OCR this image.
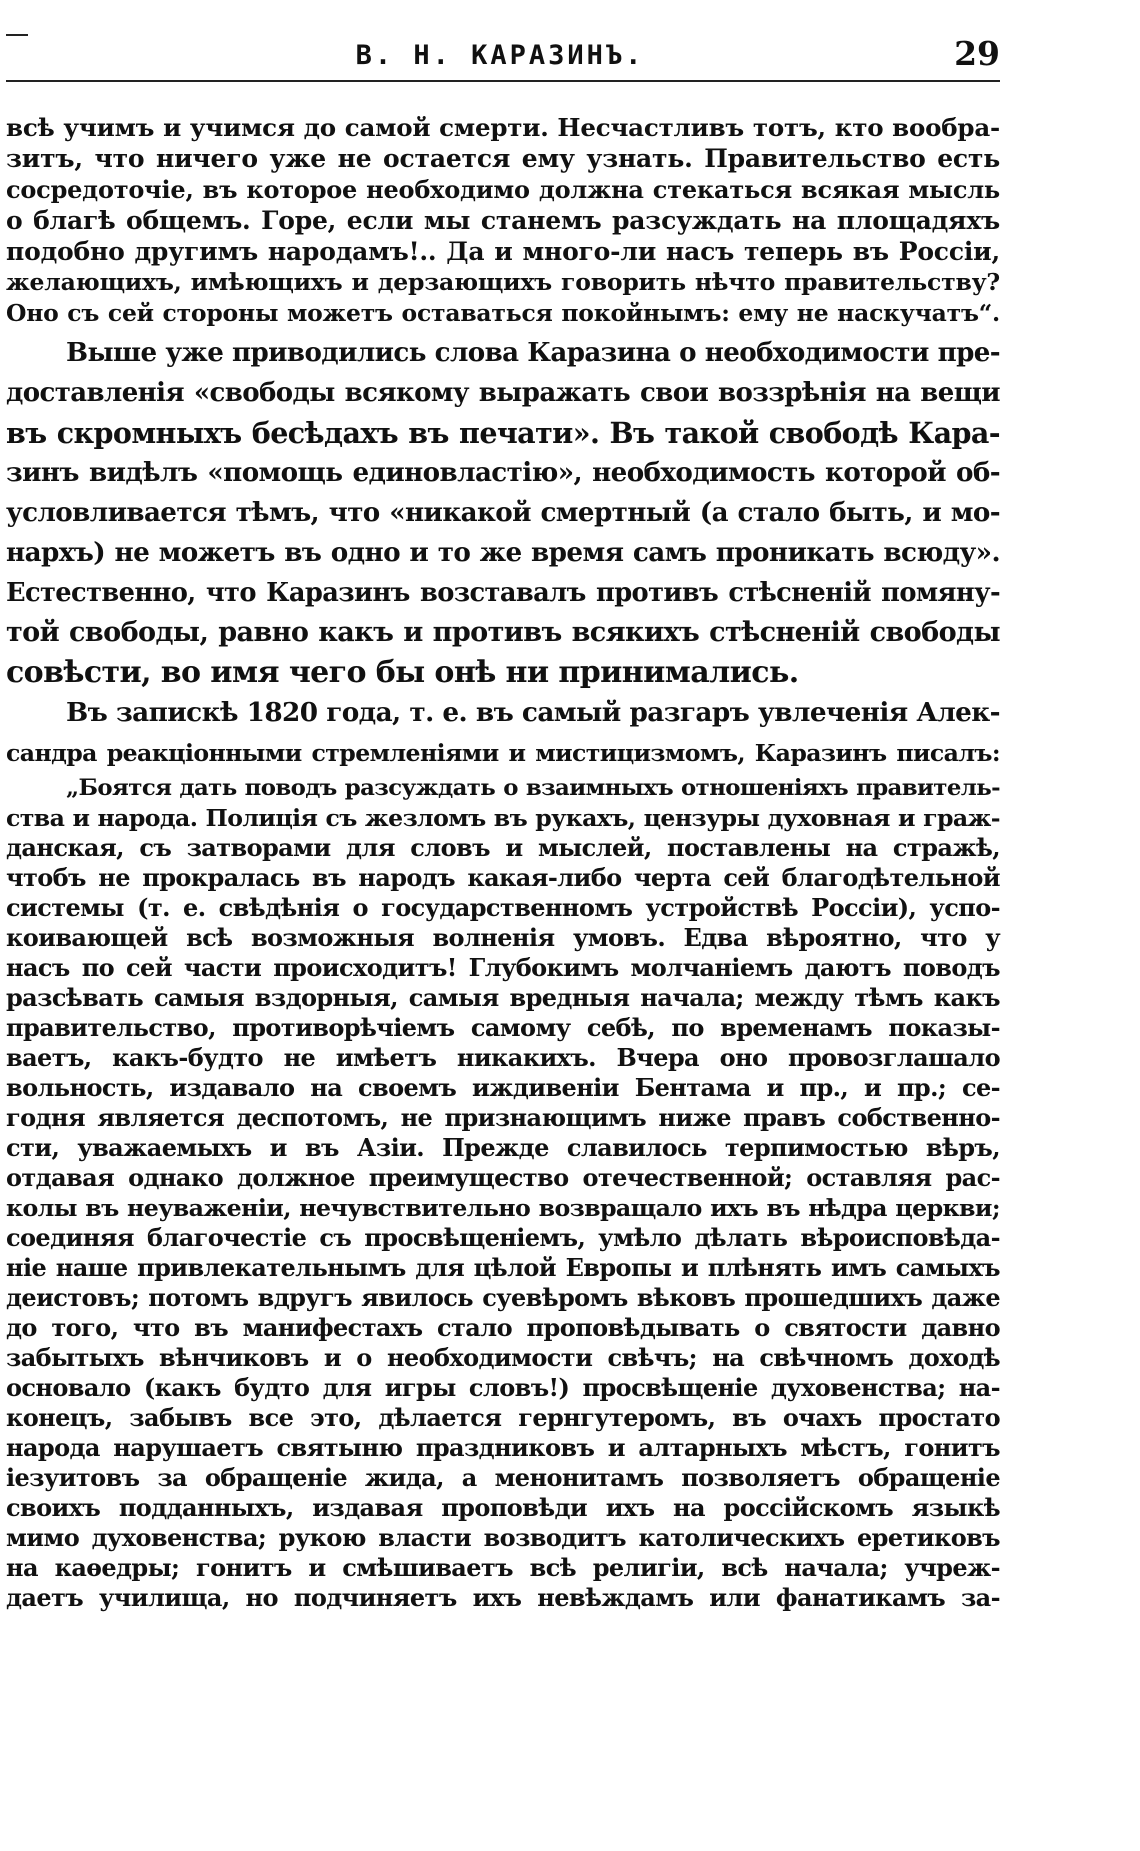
В. Н. КАРАЗИНЪ.	29
всѣ учимъ и учимся до самой смерти. Несчастливъ тотъ, кто вообра-
зитъ, что ничего уже не остается ему узнать. Правительство есть
сосредоточіе, въ которое необходимо должна стекаться всякая мысль
о благѣ общемъ. Горе, если мы станемъ разсуждать на площадяхъ
подобно другимъ народамъ!.. Да и много-ли насъ теперь въ Россіи,
желающихъ, имѣющихъ и дерзающихъ говорить нѣчто правительству?
Оно съ сей стороны можетъ оставаться покойнымъ: ему не наскучатъ“.
Выше уже приводились слова Каразина о необходимости пре-
доставленія «свободы всякому выражать свои воззрѣнія на вещи
въ скромныхъ бесѣдахъ въ печати». Въ такой свободѣ Кара-
зинъ видѣлъ «помощь единовластію», необходимость которой об-
условливается тѣмъ, что «никакой смертный (а стало быть, и мо-
нархъ) не можетъ въ одно и то же время самъ проникать всюду».
Естественно, что Каразинъ возставалъ противъ стѣсненій помяну-
той свободы, равно какъ и противъ всякихъ стѣсненій свободы
совѣсти, во имя чего бы онѣ ни принимались.
Въ запискѣ 1820 года, т. е. въ самый разгаръ увлеченія Алек-
сандра реакціонными стремленіями и мистицизмомъ, Каразинъ писалъ:
„Боятся дать поводъ разсуждать о взаимныхъ отношеніяхъ правитель-
ства и народа. Полиція съ жезломъ въ рукахъ, цензуры духовная и граж-
данская, съ затворами для словъ и мыслей, поставлены на стражѣ,
чтобъ не прокралась въ народъ какая-либо черта сей благодѣтельной
системы (т. е. свѣдѣнія о государственномъ устройствѣ Россіи), успо-
коивающей всѣ возможныя волненія умовъ. Едва вѣроятно, что у
насъ по сей части происходитъ! Глубокимъ молчаніемъ даютъ поводъ
разсѣвать самыя вздорныя, самыя вредныя начала; между тѣмъ какъ
правительство, противорѣчіемъ самому себѣ, по временамъ показы-
ваетъ, какъ-будто не имѣетъ никакихъ. Вчера оно провозглашало
вольность, издавало на своемъ иждивеніи Бентама и пр., и пр.; се-
годня является деспотомъ, не признающимъ ниже правъ собственно-
сти, уважаемыхъ и въ Азіи. Прежде славилось терпимостью вѣръ,
отдавая однако должное преимущество отечественной; оставляя рас-
колы въ неуваженіи, нечувствительно возвращало ихъ въ нѣдра церкви;
соединяя благочестіе съ просвѣщеніемъ, умѣло дѣлать вѣроисповѣда-
ніе наше привлекательнымъ для цѣлой Европы и плѣнять имъ самыхъ
деистовъ; потомъ вдругъ явилось суевѣромъ вѣковъ прошедшихъ даже
до того, что въ манифестахъ стало проповѣдывать о святости давно
забытыхъ вѣнчиковъ и о необходимости свѣчъ; на свѣчномъ доходѣ
основало (какъ будто для игры словъ!) просвѣщеніе духовенства; на-
конецъ, забывъ все это, дѣлается гернгутеромъ, въ очахъ простато
народа нарушаетъ святыню праздниковъ и алтарныхъ мѣстъ, гонитъ
іезуитовъ за обращеніе жида, а менонитамъ позволяетъ обращеніе
своихъ подданныхъ, издавая проповѣди ихъ на россійскомъ языкѣ
мимо духовенства; рукою власти возводитъ католическихъ еретиковъ
на каѳедры; гонитъ и смѣшиваетъ всѣ религіи, всѣ начала; учреж-
даетъ училища, но подчиняетъ ихъ невѣждамъ или фанатикамъ за-
